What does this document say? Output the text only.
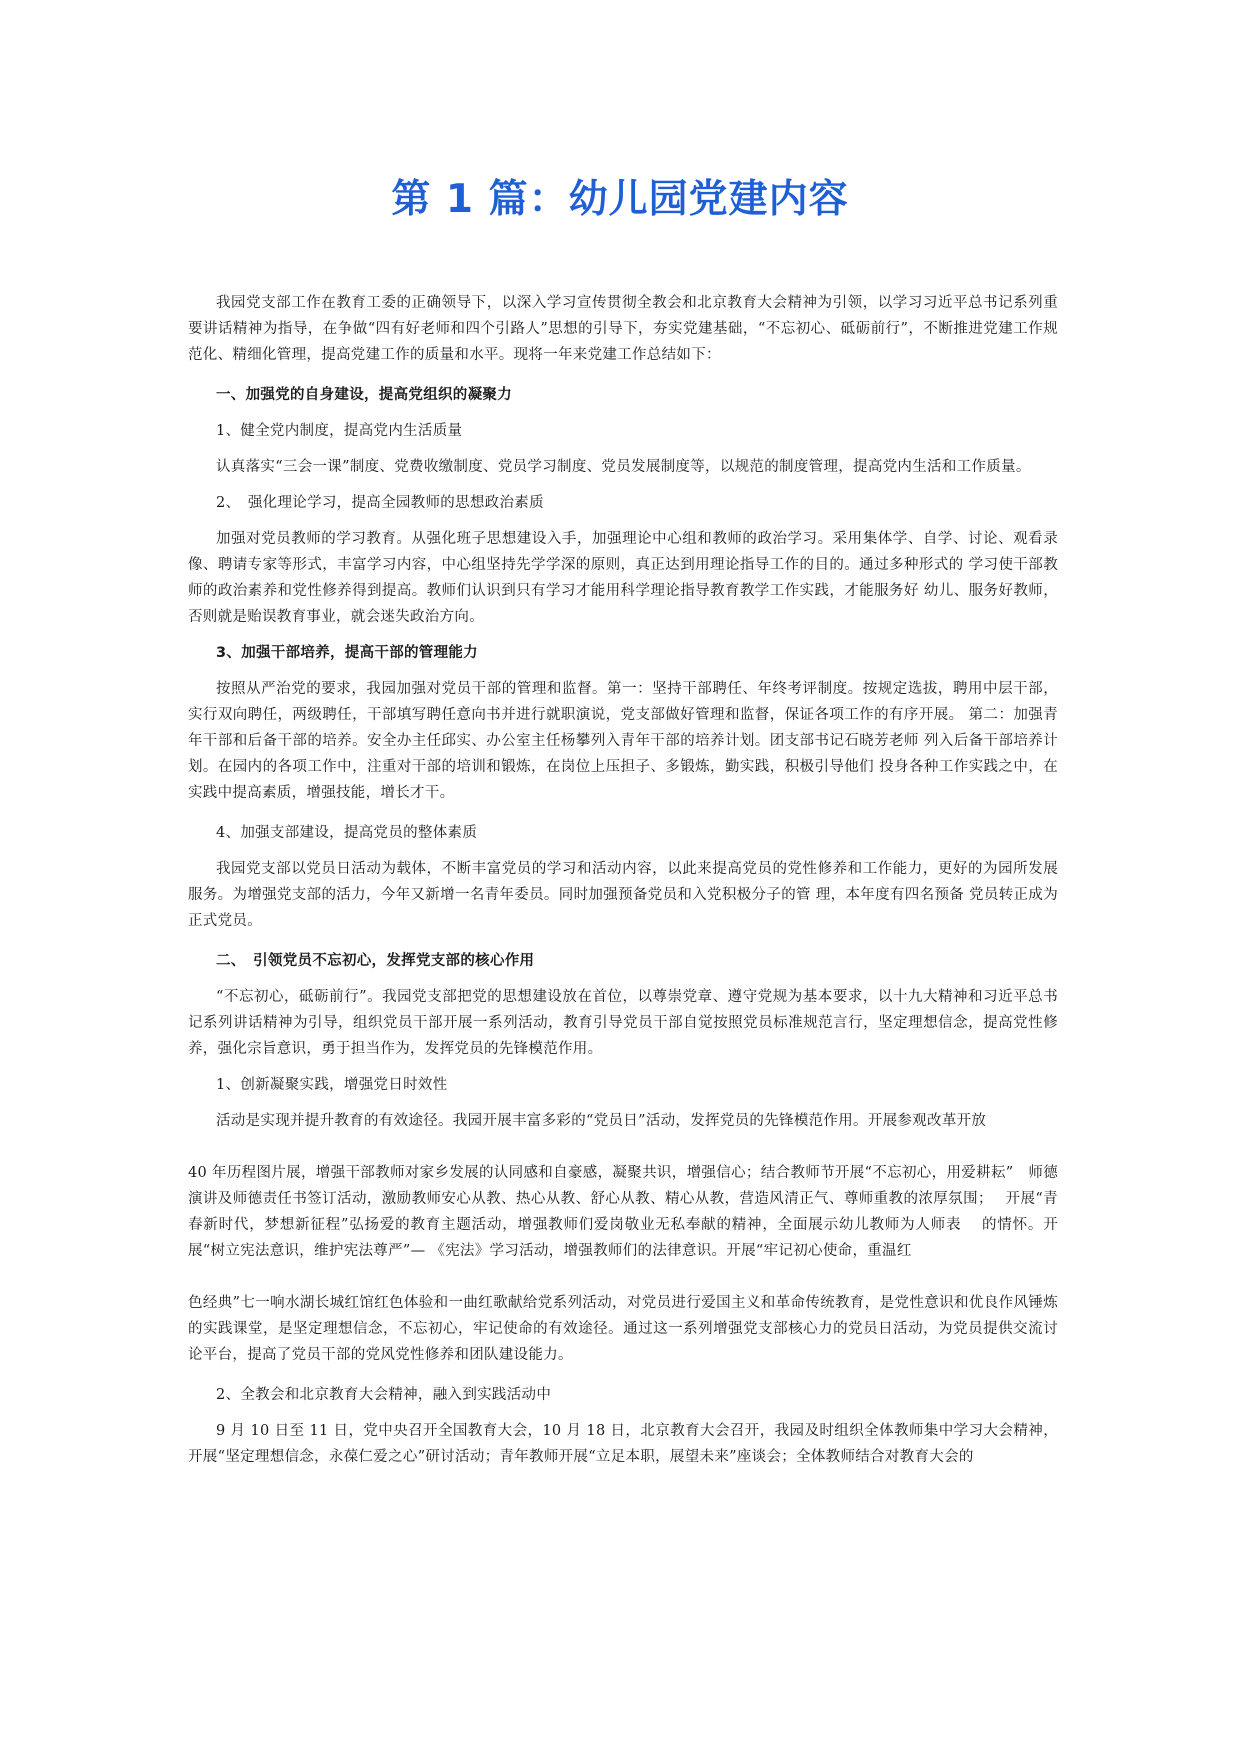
第 1 篇：幼儿园党建内容

我园党支部工作在教育工委的正确领导下，以深入学习宣传贯彻全教会和北京教育大会精神为引领，以学习习近平总书记系列重要讲话精神为指导，在争做“四有好老师和四个引路人”思想的引导下，夯实党建基础，“不忘初心、砥砺前行”，不断推进党建工作规范化、精细化管理，提高党建工作的质量和水平。现将一年来党建工作总结如下：

一、加强党的自身建设，提高党组织的凝聚力

1、健全党内制度，提高党内生活质量

认真落实“三会一课”制度、党费收缴制度、党员学习制度、党员发展制度等，以规范的制度管理，提高党内生活和工作质量。

2、　强化理论学习，提高全园教师的思想政治素质

加强对党员教师的学习教育。从强化班子思想建设入手，加强理论中心组和教师的政治学习。采用集体学、自学、讨论、观看录像、聘请专家等形式，丰富学习内容，中心组坚持先学学深的原则，真正达到用理论指导工作的目的。通过多种形式的 学习使干部教师的政治素养和党性修养得到提高。教师们认识到只有学习才能用科学理论指导教育教学工作实践，才能服务好 幼儿、服务好教师，否则就是贻误教育事业，就会迷失政治方向。

3、加强干部培养，提高干部的管理能力

按照从严治党的要求，我园加强对党员干部的管理和监督。第一：坚持干部聘任、年终考评制度。按规定选拔，聘用中层干部，实行双向聘任，两级聘任，干部填写聘任意向书并进行就职演说，党支部做好管理和监督，保证各项工作的有序开展。 第二：加强青年干部和后备干部的培养。安全办主任邱实、办公室主任杨攀列入青年干部的培养计划。团支部书记石晓芳老师 列入后备干部培养计划。在园内的各项工作中，注重对干部的培训和锻炼，在岗位上压担子、多锻炼，勤实践，积极引导他们 投身各种工作实践之中，在实践中提高素质，增强技能，增长才干。

4、加强支部建设，提高党员的整体素质

我园党支部以党员日活动为载体，不断丰富党员的学习和活动内容，以此来提高党员的党性修养和工作能力，更好的为园所发展服务。为增强党支部的活力，今年又新增一名青年委员。同时加强预备党员和入党积极分子的管 理，本年度有四名预备 党员转正成为正式党员。

二、　引领党员不忘初心，发挥党支部的核心作用

“不忘初心，砥砺前行”。我园党支部把党的思想建设放在首位，以尊崇党章、遵守党规为基本要求，以十九大精神和习近平总书记系列讲话精神为引导，组织党员干部开展一系列活动，教育引导党员干部自觉按照党员标准规范言行，坚定理想信念，提高党性修养，强化宗旨意识，勇于担当作为，发挥党员的先锋模范作用。

1、创新凝聚实践，增强党日时效性

活动是实现并提升教育的有效途径。我园开展丰富多彩的“党员日”活动，发挥党员的先锋模范作用。开展参观改革开放

40 年历程图片展，增强干部教师对家乡发展的认同感和自豪感，凝聚共识，增强信心；结合教师节开展“不忘初心，用爱耕耘”　师德演讲及师德责任书签订活动，激励教师安心从教、热心从教、舒心从教、精心从教，营造风清正气、尊师重教的浓厚氛围；　 开展“青春新时代，梦想新征程”弘扬爱的教育主题活动，增强教师们爱岗敬业无私奉献的精神，全面展示幼儿教师为人师表　 的情怀。开展“树立宪法意识，维护宪法尊严”— 《宪法》学习活动，增强教师们的法律意识。开展“牢记初心使命，重温红

色经典”七一响水湖长城红馆红色体验和一曲红歌献给党系列活动，对党员进行爱国主义和革命传统教育，是党性意识和优良作风锤炼的实践课堂，是坚定理想信念，不忘初心，牢记使命的有效途径。通过这一系列增强党支部核心力的党员日活动，为党员提供交流讨论平台，提高了党员干部的党风党性修养和团队建设能力。

2、全教会和北京教育大会精神，融入到实践活动中

9 月 10 日至 11 日，党中央召开全国教育大会，10 月 18 日，北京教育大会召开，我园及时组织全体教师集中学习大会精神， 开展“坚定理想信念，永葆仁爱之心”研讨活动；青年教师开展“立足本职，展望未来”座谈会；全体教师结合对教育大会的
